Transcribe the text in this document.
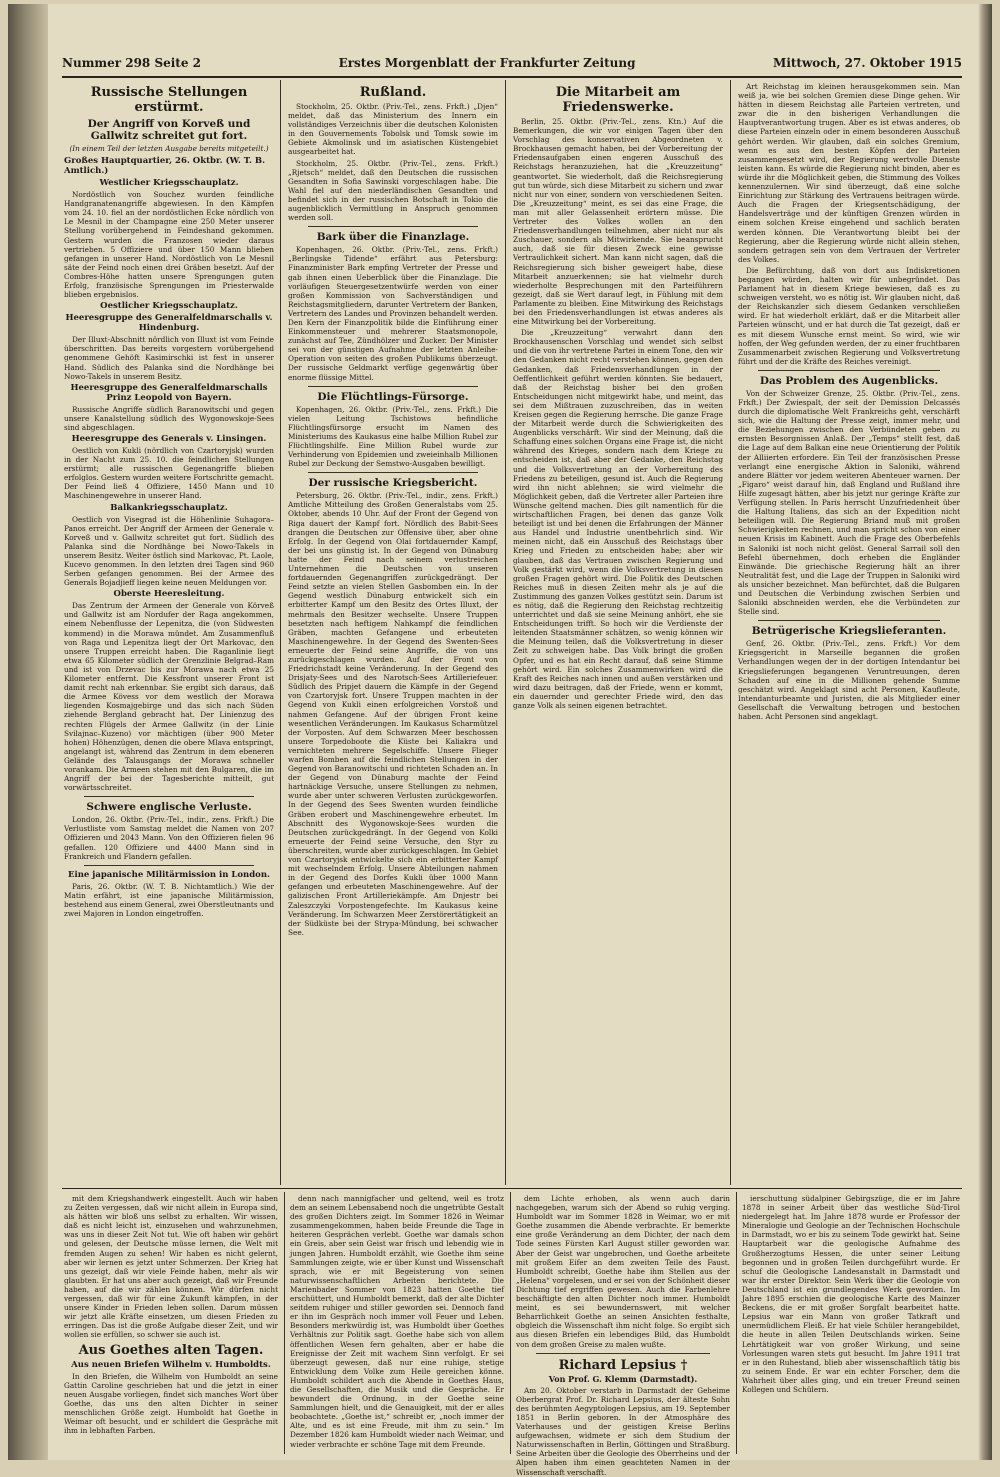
Nummer 298 Seite 2	Erstes Morgenblatt der Frankfurter Zeitung	Mittwoch, 27. Oktober 1915
Russische Stellungen erstürmt.
Der Angriff von Korveß und Gallwitz schreitet gut fort.
(In einem Teil der letzten Ausgabe bereits mitgeteilt.)
Großes Hauptquartier, 26. Oktbr. (W. T. B. Amtlich.)
Westlicher Kriegsschauplatz.

Nordöstlich von Souchez wurden feindliche Handgranatenangriffe abgewiesen. In den Kämpfen vom 24. 10. fiel an der nordöstlichen Ecke nördlich von Le Mesnil in der Champagne eine 250 Meter unserer Stellung vorübergehend in Feindeshand gekommen. Gestern wurden die Franzosen wieder daraus vertrieben. 5 Offiziere und über 150 Mann blieben gefangen in unserer Hand. Nordöstlich von Le Mesnil säte der Feind noch einen drei Gräben besetzt. Auf der Combres-Höhe hatten unsere Sprengungen guten Erfolg, französische Sprengungen im Priesterwalde blieben ergebnislos.

Oestlicher Kriegsschauplatz.
Heeresgruppe des Generalfeldmarschalls v. Hindenburg.

Der Illuxt-Abschnitt nördlich von Illuxt ist vom Feinde überschritten. Das bereits vorgestern vorübergehend genommene Gehöft Kasimirschki ist fest in unserer Hand. Südlich des Palanka sind die Nordhänge bei Nowo-Takels in unserem Besitz.

Heeresgruppe des Generalfeldmarschalls Prinz Leopold von Bayern.

Russische Angriffe südlich Baranowitschi und gegen unsere Kanalstellung südlich des Wygonowskoje-Sees sind abgeschlagen.

Heeresgruppe des Generals v. Linsingen.

Oestlich von Kukli (nördlich von Czartoryjsk) wurden in der Nacht zum 25. 10. die feindlichen Stellungen erstürmt; alle russischen Gegenangriffe blieben erfolglos. Gestern wurden weitere Fortschritte gemacht. Der Feind ließ 4 Offiziere, 1450 Mann und 10 Maschinengewehre in unserer Hand.

Balkankriegsschauplatz.

Oestlich von Visegrad ist die Höhenlinie Suhagora–Panos erreicht. Der Angriff der Armeen der Generale v. Korveß und v. Gallwitz schreitet gut fort. Südlich des Palanka sind die Nordhänge bei Nowo-Takels in unserem Besitz. Weiter östlich sind Markovac, Pt. Laole, Kucevo genommen. In den letzten drei Tagen sind 960 Serben gefangen genommen. Bei der Armee des Generals Bojadjieff liegen keine neuen Meldungen vor.

Oberste Heeresleitung.

Das Zentrum der Armeen der Generale von Körveß und Gallwitz ist am Nordufer der Raga angekommen, einem Nebenflusse der Lepenitza, die (von Südwesten kommend) in die Morawa mündet. Am Zusammenfluß von Raga und Lepenitza liegt der Ort Markovac, den unsere Truppen erreicht haben. Die Raganlinie liegt etwa 65 Kilometer südlich der Grenzlinie Belgrad–Ram und ist von Drzevac bis zur Morawa nach etwa 25 Kilometer entfernt. Die Kessfront unserer Front ist damit recht nah erkennbar. Sie ergibt sich daraus, daß die Armee Kövess vor dem westlich der Morawa liegenden Kosmajgebirge und das sich nach Süden ziehende Bergland gebracht hat. Der Linienzug des rechten Flügels der Armee Gallwitz (in der Linie Svilajnac–Kuzeno) vor mächtigen (über 900 Meter hohen) Höhenzügen, denen die obere Mlava entspringt, angelangt ist, während das Zentrum in dem ebeneren Gelände des Talausgangs der Morawa schneller vorankam. Die Armeen stehen mit den Bulgaren, die im Angriff der bei der Tagesberichte mitteilt, gut vorwärtsschreitet.

Schwere englische Verluste.

London, 26. Oktbr. (Priv.-Tel., indir., zens. Frkft.) Die Verlustliste vom Samstag meldet die Namen von 207 Offizieren und 2043 Mann. Von den Offizieren fielen 96 gefallen. 120 Offiziere und 4400 Mann sind in Frankreich und Flandern gefallen.

Eine japanische Militärmission in London.

Paris, 26. Oktbr. (W. T. B. Nichtamtlich.) Wie der Matin erfährt, ist eine japanische Militärmission, bestehend aus einem General, zwei Oberstleutnants und zwei Majoren in London eingetroffen.

Rußland.

Stockholm, 25. Oktbr. (Priv.-Tel., zens. Frkft.) „Djen“ meldet, daß das Ministerium des Innern ein vollständiges Verzeichnis über die deutschen Kolonisten in den Gouvernements Tobolsk und Tomsk sowie im Gebiete Akmolinsk und im asiatischen Küstengebiet ausgearbeitet hat.

Stockholm, 25. Oktbr. (Priv.-Tel., zens. Frkft.) „Rjetsch“ meldet, daß den Deutschen die russischen Gesandten in Sofia Sawinski vorgeschlagen habe. Die Wahl fiel auf den niederländischen Gesandten und befindet sich in der russischen Botschaft in Tokio die augenblicklich Vermittlung in Anspruch genommen werden soll.

Bark über die Finanzlage.

Kopenhagen, 26. Oktbr. (Priv.-Tel., zens. Frkft.) „Berlingske Tidende“ erfährt aus Petersburg: Finanzminister Bark empfing Vertreter der Presse und gab ihnen einen Ueberblick über die Finanzlage. Die vorläufigen Steuergesetzentwürfe werden von einer großen Kommission von Sachverständigen und Reichstagsmitgliedern, darunter Vertretern der Banken, Vertretern des Landes und Provinzen behandelt werden. Den Kern der Finanzpolitik bilde die Einführung einer Einkommensteuer und mehrerer Staatsmonopole, zunächst auf Tee, Zündhölzer und Zucker. Der Minister sei von der günstigen Aufnahme der letzten Anleihe-Operation von seiten des großen Publikums überzeugt. Der russische Geldmarkt verfüge gegenwärtig über enorme flüssige Mittel.

Die Flüchtlings-Fürsorge.

Kopenhagen, 26. Oktbr. (Priv.-Tel., zens. Frkft.) Die vielen Leitung Tschistows befindliche Flüchtlingsfürsorge ersucht im Namen des Ministeriums des Kaukasus eine halbe Million Rubel zur Flüchtlingshilfe. Eine Million Rubel wurde zur Verhinderung von Epidemien und zweieinhalb Millionen Rubel zur Deckung der Semstwo-Ausgaben bewilligt.

Der russische Kriegsbericht.

Petersburg, 26. Oktbr. (Priv.-Tel., indir., zens. Frkft.) Amtliche Mitteilung des Großen Generalstabs vom 25. Oktober, abends 10 Uhr. Auf der Front der Gegend von Riga dauert der Kampf fort. Nördlich des Babit-Sees drangen die Deutschen zur Offensive über, aber ohne Erfolg. In der Gegend von Olai fortdauernder Kampf, der bei uns günstig ist. In der Gegend von Dünaburg hatte der Feind nach seinem verlustreichen Unternehmen die Deutschen von unseren fortdauernden Gegenangriffen zurückgedrängt. Der Feind setzte an vielen Stellen Gasbomben ein. In der Gegend westlich Dünaburg entwickelt sich ein erbitterter Kampf um den Besitz des Ortes Illuxt, der mehrmals den Besitzer wechselte. Unsere Truppen besetzten nach heftigem Nahkampf die feindlichen Gräben, machten Gefangene und erbeuteten Maschinengewehre. In der Gegend des Swenten-Sees erneuerte der Feind seine Angriffe, die von uns zurückgeschlagen wurden. Auf der Front von Friedrichstadt keine Veränderung. In der Gegend des Drisjaty-Sees und des Narotsch-Sees Artilleriefeuer. Südlich des Pripjet dauern die Kämpfe in der Gegend von Czartoryjsk fort. Unsere Truppen machten in der Gegend von Kukli einen erfolgreichen Vorstoß und nahmen Gefangene. Auf der übrigen Front keine wesentlichen Veränderungen. Im Kaukasus Scharmützel der Vorposten. Auf dem Schwarzen Meer beschossen unsere Torpedoboote die Küste bei Kaliakra und vernichteten mehrere Segelschiffe. Unsere Flieger warfen Bomben auf die feindlichen Stellungen in der Gegend von Baranowitschi und richteten Schaden an. In der Gegend von Dünaburg machte der Feind hartnäckige Versuche, unsere Stellungen zu nehmen, wurde aber unter schweren Verlusten zurückgeworfen. In der Gegend des Sees Swenten wurden feindliche Gräben erobert und Maschinengewehre erbeutet. Im Abschnitt des Wygonowskoje-Sees wurden die Deutschen zurückgedrängt. In der Gegend von Kolki erneuerte der Feind seine Versuche, den Styr zu überschreiten, wurde aber zurückgeschlagen. Im Gebiet von Czartoryjsk entwickelte sich ein erbitterter Kampf mit wechselndem Erfolg. Unsere Abteilungen nahmen in der Gegend des Dorfes Kukli über 1000 Mann gefangen und erbeuteten Maschinengewehre. Auf der galizischen Front Artilleriekämpfe. Am Dnjestr bei Zaleszczyki Vorpostengefechte. Im Kaukasus keine Veränderung. Im Schwarzen Meer Zerstörertätigkeit an der Südküste bei der Strypa-Mündung, bei schwacher See.

Die Mitarbeit am Friedenswerke.

Berlin, 25. Oktbr. (Priv.-Tel., zens. Ktn.) Auf die Bemerkungen, die wir vor einigen Tagen über den Vorschlag des konservativen Abgeordneten v. Brockhausen gemacht haben, bei der Vorbereitung der Friedensaufgaben einen engeren Ausschuß des Reichstags heranzuziehen, hat die „Kreuzzeitung“ geantwortet. Sie wiederholt, daß die Reichsregierung gut tun würde, sich diese Mitarbeit zu sichern und zwar nicht nur von einer, sondern von verschiedenen Seiten. Die „Kreuzzeitung“ meint, es sei das eine Frage, die man mit aller Gelassenheit erörtern müsse. Die Vertreter des Volkes wollen an den Friedensverhandlungen teilnehmen, aber nicht nur als Zuschauer, sondern als Mitwirkende. Sie beansprucht auch, daß sie für diesen Zweck eine gewisse Vertraulichkeit sichert. Man kann nicht sagen, daß die Reichsregierung sich bisher geweigert habe, diese Mitarbeit anzuerkennen; sie hat vielmehr durch wiederholte Besprechungen mit den Parteiführern gezeigt, daß sie Wert darauf legt, in Fühlung mit dem Parlamente zu bleiben. Eine Mitwirkung des Reichstags bei den Friedensverhandlungen ist etwas anderes als eine Mitwirkung bei der Vorbereitung.

Die „Kreuzzeitung“ verwahrt dann den Brockhausenschen Vorschlag und wendet sich selbst und die von ihr vertretene Partei in einem Tone, den wir den Gedanken nicht recht verstehen können, gegen den Gedanken, daß Friedensverhandlungen in der Oeffentlichkeit geführt werden könnten. Sie bedauert, daß der Reichstag bisher bei den großen Entscheidungen nicht mitgewirkt habe, und meint, das sei dem Mißtrauen zuzuschreiben, das in weiten Kreisen gegen die Regierung herrsche. Die ganze Frage der Mitarbeit werde durch die Schwierigkeiten des Augenblicks verschärft. Wir sind der Meinung, daß die Schaffung eines solchen Organs eine Frage ist, die nicht während des Krieges, sondern nach dem Kriege zu entscheiden ist, daß aber der Gedanke, den Reichstag und die Volksvertretung an der Vorbereitung des Friedens zu beteiligen, gesund ist. Auch die Regierung wird ihn nicht ablehnen; sie wird vielmehr die Möglichkeit geben, daß die Vertreter aller Parteien ihre Wünsche geltend machen. Dies gilt namentlich für die wirtschaftlichen Fragen, bei denen das ganze Volk beteiligt ist und bei denen die Erfahrungen der Männer aus Handel und Industrie unentbehrlich sind. Wir meinen nicht, daß ein Ausschuß des Reichstags über Krieg und Frieden zu entscheiden habe; aber wir glauben, daß das Vertrauen zwischen Regierung und Volk gestärkt wird, wenn die Volksvertretung in diesen großen Fragen gehört wird. Die Politik des Deutschen Reiches muß in diesen Zeiten mehr als je auf die Zustimmung des ganzen Volkes gestützt sein. Darum ist es nötig, daß die Regierung den Reichstag rechtzeitig unterrichtet und daß sie seine Meinung anhört, ehe sie Entscheidungen trifft. So hoch wir die Verdienste der leitenden Staatsmänner schätzen, so wenig können wir die Meinung teilen, daß die Volksvertretung in dieser Zeit zu schweigen habe. Das Volk bringt die großen Opfer, und es hat ein Recht darauf, daß seine Stimme gehört wird. Ein solches Zusammenwirken wird die Kraft des Reiches nach innen und außen verstärken und wird dazu beitragen, daß der Friede, wenn er kommt, ein dauernder und gerechter Friede wird, den das ganze Volk als seinen eigenen betrachtet.

Art Reichstag im kleinen herausgekommen sein. Man weiß ja, wie bei solchen Gremien diese Dinge gehen. Wir hätten in diesem Reichstag alle Parteien vertreten, und zwar die in den bisherigen Verhandlungen die Hauptverantwortung trugen. Aber es ist etwas anderes, ob diese Parteien einzeln oder in einem besonderen Ausschuß gehört werden. Wir glauben, daß ein solches Gremium, wenn es aus den besten Köpfen der Parteien zusammengesetzt wird, der Regierung wertvolle Dienste leisten kann. Es würde die Regierung nicht binden, aber es würde ihr die Möglichkeit geben, die Stimmung des Volkes kennenzulernen. Wir sind überzeugt, daß eine solche Einrichtung zur Stärkung des Vertrauens beitragen würde. Auch die Fragen der Kriegsentschädigung, der Handelsverträge und der künftigen Grenzen würden in einem solchen Kreise eingehend und sachlich beraten werden können. Die Verantwortung bleibt bei der Regierung, aber die Regierung würde nicht allein stehen, sondern getragen sein von dem Vertrauen der Vertreter des Volkes.

Die Befürchtung, daß von dort aus Indiskretionen begangen würden, halten wir für unbegründet. Das Parlament hat in diesem Kriege bewiesen, daß es zu schweigen versteht, wo es nötig ist. Wir glauben nicht, daß der Reichskanzler sich diesem Gedanken verschließen wird. Er hat wiederholt erklärt, daß er die Mitarbeit aller Parteien wünscht, und er hat durch die Tat gezeigt, daß er es mit diesem Wunsche ernst meint. So wird, wie wir hoffen, der Weg gefunden werden, der zu einer fruchtbaren Zusammenarbeit zwischen Regierung und Volksvertretung führt und der die Kräfte des Reiches vereinigt.

Das Problem des Augenblicks.

Von der Schweizer Grenze, 25. Oktbr. (Priv.-Tel., zens. Frkft.) Der Zwiespalt, der seit der Demission Delcassés durch die diplomatische Welt Frankreichs geht, verschärft sich, wie die Haltung der Presse zeigt, immer mehr, und die Beziehungen zwischen den Verbündeten geben zu ernsten Besorgnissen Anlaß. Der „Temps“ stellt fest, daß die Lage auf dem Balkan eine neue Orientierung der Politik der Alliierten erfordere. Ein Teil der französischen Presse verlangt eine energische Aktion in Saloniki, während andere Blätter vor jedem weiteren Abenteuer warnen. Der „Figaro“ weist darauf hin, daß England und Rußland ihre Hilfe zugesagt hätten, aber bis jetzt nur geringe Kräfte zur Verfügung stellen. In Paris herrscht Unzufriedenheit über die Haltung Italiens, das sich an der Expedition nicht beteiligen will. Die Regierung Briand muß mit großen Schwierigkeiten rechnen, und man spricht schon von einer neuen Krisis im Kabinett. Auch die Frage des Oberbefehls in Saloniki ist noch nicht gelöst. General Sarrail soll den Befehl übernehmen, doch erheben die Engländer Einwände. Die griechische Regierung hält an ihrer Neutralität fest, und die Lage der Truppen in Saloniki wird als unsicher bezeichnet. Man befürchtet, daß die Bulgaren und Deutschen die Verbindung zwischen Serbien und Saloniki abschneiden werden, ehe die Verbündeten zur Stelle sind.

Betrügerische Kriegslieferanten.

Genf, 26. Oktbr. (Priv.-Tel., zens. Frkft.) Vor dem Kriegsgericht in Marseille begannen die großen Verhandlungen wegen der in der dortigen Intendantur bei Kriegslieferungen begangenen Veruntreuungen, deren Schaden auf eine in die Millionen gehende Summe geschätzt wird. Angeklagt sind acht Personen, Kaufleute, Intendanturbeamte und Juristen, die als Mitglieder einer Gesellschaft die Verwaltung betrogen und bestochen haben. Acht Personen sind angeklagt.

mit dem Kriegshandwerk eingestellt. Auch wir haben zu Zeiten vergessen, daß wir nicht allein in Europa sind, als hätten wir bloß uns selbst zu erhalten. Wir wissen, daß es nicht leicht ist, einzusehen und wahrzunehmen, was uns in dieser Zeit Not tut. Wie oft haben wir gehört und gelesen, der Deutsche müsse lernen, die Welt mit fremden Augen zu sehen! Wir haben es nicht gelernt, aber wir lernen es jetzt unter Schmerzen. Der Krieg hat uns gezeigt, daß wir viele Feinde haben, mehr als wir glaubten. Er hat uns aber auch gezeigt, daß wir Freunde haben, auf die wir zählen können. Wir dürfen nicht vergessen, daß wir für eine Zukunft kämpfen, in der unsere Kinder in Frieden leben sollen. Darum müssen wir jetzt alle Kräfte einsetzen, um diesen Frieden zu erringen. Das ist die große Aufgabe dieser Zeit, und wir wollen sie erfüllen, so schwer sie auch ist.

Aus Goethes alten Tagen.
Aus neuen Briefen Wilhelm v. Humboldts.

In den Briefen, die Wilhelm von Humboldt an seine Gattin Caroline geschrieben hat und die jetzt in einer neuen Ausgabe vorliegen, findet sich manches Wort über Goethe, das uns den alten Dichter in seiner menschlichen Größe zeigt. Humboldt hat Goethe in Weimar oft besucht, und er schildert die Gespräche mit ihm in lebhaften Farben.

denn nach mannigfacher und geltend, weil es trotz dem an seinem Lebensabend noch die ungetrübte Gestalt des großen Dichters zeigt. Im Sommer 1826 in Weimar zusammengekommen, haben beide Freunde die Tage in heiteren Gesprächen verlebt. Goethe war damals schon ein Greis, aber sein Geist war frisch und lebendig wie in jungen Jahren. Humboldt erzählt, wie Goethe ihm seine Sammlungen zeigte, wie er über Kunst und Wissenschaft sprach, wie er mit Begeisterung von seinen naturwissenschaftlichen Arbeiten berichtete. Die Marienbader Sommer von 1823 hatten Goethe tief erschüttert, und Humboldt bemerkt, daß der alte Dichter seitdem ruhiger und stiller geworden sei. Dennoch fand er ihn im Gespräch noch immer voll Feuer und Leben. Besonders merkwürdig ist, was Humboldt über Goethes Verhältnis zur Politik sagt. Goethe habe sich von allem öffentlichen Wesen fern gehalten, aber er habe die Ereignisse der Zeit mit wachem Sinn verfolgt. Er sei überzeugt gewesen, daß nur eine ruhige, stetige Entwicklung dem Volke zum Heile gereichen könne. Humboldt schildert auch die Abende in Goethes Haus, die Gesellschaften, die Musik und die Gespräche. Er bewundert die Ordnung, in der Goethe seine Sammlungen hielt, und die Genauigkeit, mit der er alles beobachtete. „Goethe ist,“ schreibt er, „noch immer der Alte, und es ist eine Freude, mit ihm zu sein.“ Im Dezember 1826 kam Humboldt wieder nach Weimar, und wieder verbrachte er schöne Tage mit dem Freunde.

dem Lichte erhoben, als wenn auch darin nachgegeben, warum sich der Abend so ruhig verging. Humboldt war im Sommer 1828 in Weimar, wo er mit Goethe zusammen die Abende verbrachte. Er bemerkte eine große Veränderung an dem Dichter, der nach dem Tode seines Fürsten Karl August stiller geworden war. Aber der Geist war ungebrochen, und Goethe arbeitete mit großem Eifer an dem zweiten Teile des Faust. Humboldt schreibt, Goethe habe ihm Stellen aus der „Helena“ vorgelesen, und er sei von der Schönheit dieser Dichtung tief ergriffen gewesen. Auch die Farbenlehre beschäftigte den alten Dichter noch immer. Humboldt meint, es sei bewundernswert, mit welcher Beharrlichkeit Goethe an seinen Ansichten festhalte, obgleich die Wissenschaft ihm nicht folge. So ergibt sich aus diesen Briefen ein lebendiges Bild, das Humboldt von dem großen Greise zu malen wußte.

Richard Lepsius †
Von Prof. G. Klemm (Darmstadt).

Am 20. Oktober verstarb in Darmstadt der Geheime Oberbergrat Prof. Dr. Richard Lepsius, der älteste Sohn des berühmten Aegyptologen Lepsius, am 19. September 1851 in Berlin geboren. In der Atmosphäre des Vaterhauses und der geistigen Kreise Berlins aufgewachsen, widmete er sich dem Studium der Naturwissenschaften in Berlin, Göttingen und Straßburg. Seine Arbeiten über die Geologie des Oberrheins und der Alpen haben ihm einen geachteten Namen in der Wissenschaft verschafft.

ierschuttung südalpiner Gebirgszüge, die er im Jahre 1878 in seiner Arbeit über das westliche Süd-Tirol niedergelegt hat. Im Jahre 1878 wurde er Professor der Mineralogie und Geologie an der Technischen Hochschule in Darmstadt, wo er bis zu seinem Tode gewirkt hat. Seine Hauptarbeit war die geologische Aufnahme des Großherzogtums Hessen, die unter seiner Leitung begonnen und in großen Teilen durchgeführt wurde. Er schuf die Geologische Landesanstalt in Darmstadt und war ihr erster Direktor. Sein Werk über die Geologie von Deutschland ist ein grundlegendes Werk geworden. Im Jahre 1895 erschien die geologische Karte des Mainzer Beckens, die er mit großer Sorgfalt bearbeitet hatte. Lepsius war ein Mann von großer Tatkraft und unermüdlichem Fleiß. Er hat viele Schüler herangebildet, die heute in allen Teilen Deutschlands wirken. Seine Lehrtätigkeit war von großer Wirkung, und seine Vorlesungen waren stets gut besucht. Im Jahre 1911 trat er in den Ruhestand, blieb aber wissenschaftlich tätig bis zu seinem Ende. Er war ein echter Forscher, dem die Wahrheit über alles ging, und ein treuer Freund seinen Kollegen und Schülern.
